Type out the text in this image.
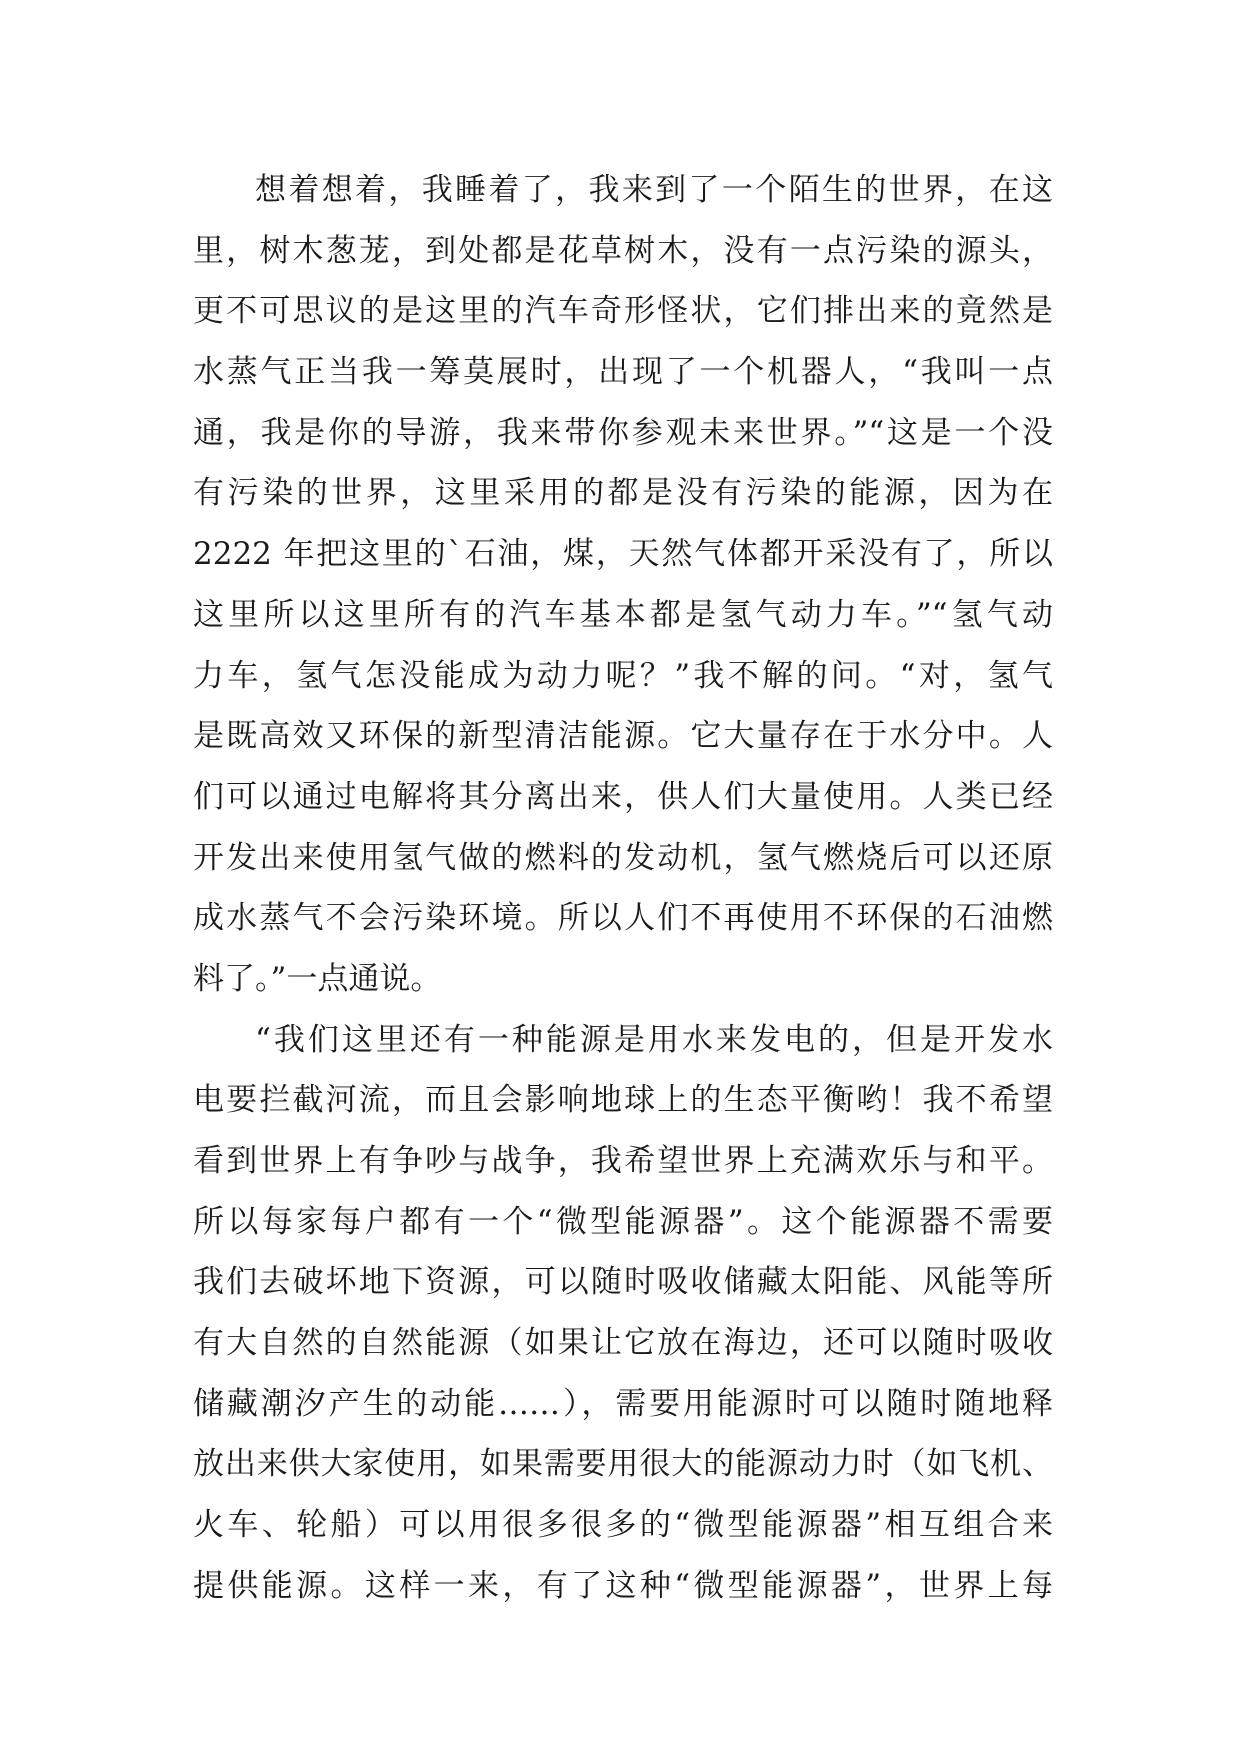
想着想着，我睡着了，我来到了一个陌生的世界，在这
里，树木葱茏，到处都是花草树木，没有一点污染的源头，
更不可思议的是这里的汽车奇形怪状，它们排出来的竟然是
水蒸气正当我一筹莫展时，出现了一个机器人，“我叫一点
通，我是你的导游，我来带你参观未来世界。”“这是一个没
有污染的世界，这里采用的都是没有污染的能源，因为在
2222 年把这里的`石油，煤，天然气体都开采没有了，所以
这里所以这里所有的汽车基本都是氢气动力车。”“氢气动
力车，氢气怎没能成为动力呢？”我不解的问。“对，氢气
是既高效又环保的新型清洁能源。它大量存在于水分中。人
们可以通过电解将其分离出来，供人们大量使用。人类已经
开发出来使用氢气做的燃料的发动机，氢气燃烧后可以还原
成水蒸气不会污染环境。所以人们不再使用不环保的石油燃
料了。”一点通说。
“我们这里还有一种能源是用水来发电的，但是开发水
电要拦截河流，而且会影响地球上的生态平衡哟！我不希望
看到世界上有争吵与战争，我希望世界上充满欢乐与和平。
所以每家每户都有一个“微型能源器”。这个能源器不需要
我们去破坏地下资源，可以随时吸收储藏太阳能、风能等所
有大自然的自然能源（如果让它放在海边，还可以随时吸收
储藏潮汐产生的动能……），需要用能源时可以随时随地释
放出来供大家使用，如果需要用很大的能源动力时（如飞机、
火车、轮船）可以用很多很多的“微型能源器”相互组合来
提供能源。这样一来，有了这种“微型能源器”，世界上每
